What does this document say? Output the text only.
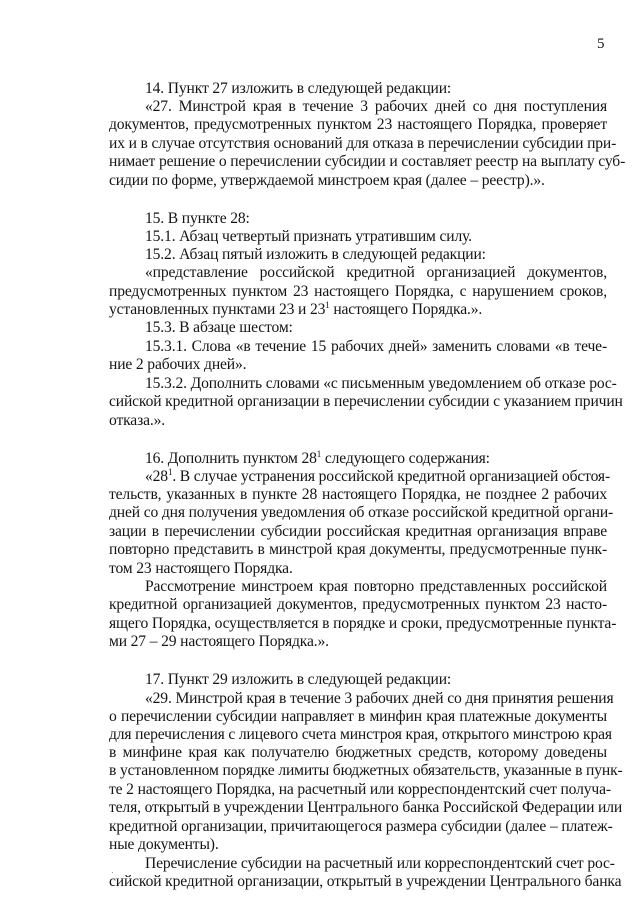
5
14. Пункт 27 изложить в следующей редакции:
«27. Минстрой края в течение 3 рабочих дней со дня поступления
документов, предусмотренных пунктом 23 настоящего Порядка, проверяет
их и в случае отсутствия оснований для отказа в перечислении субсидии при-
нимает решение о перечислении субсидии и составляет реестр на выплату суб-
сидии по форме, утверждаемой минстроем края (далее – реестр).».
15. В пункте 28:
15.1. Абзац четвертый признать утратившим силу.
15.2. Абзац пятый изложить в следующей редакции:
«представление российской кредитной организацией документов,
предусмотренных пунктом 23 настоящего Порядка, с нарушением сроков,
установленных пунктами 23 и $23^1$ настоящего Порядка.».
15.3. В абзаце шестом:
15.3.1. Слова «в течение 15 рабочих дней» заменить словами «в тече-
ние 2 рабочих дней».
15.3.2. Дополнить словами «с письменным уведомлением об отказе рос-
сийской кредитной организации в перечислении субсидии с указанием причин
отказа.».
16. Дополнить пунктом $28^1$ следующего содержания:
«$28^1$. В случае устранения российской кредитной организацией обстоя-
тельств, указанных в пункте 28 настоящего Порядка, не позднее 2 рабочих
дней со дня получения уведомления об отказе российской кредитной органи-
зации в перечислении субсидии российская кредитная организация вправе
повторно представить в минстрой края документы, предусмотренные пунк-
том 23 настоящего Порядка.
Рассмотрение минстроем края повторно представленных российской
кредитной организацией документов, предусмотренных пунктом 23 насто-
ящего Порядка, осуществляется в порядке и сроки, предусмотренные пункта-
ми 27 – 29 настоящего Порядка.».
17. Пункт 29 изложить в следующей редакции:
«29. Минстрой края в течение 3 рабочих дней со дня принятия решения
о перечислении субсидии направляет в минфин края платежные документы
для перечисления с лицевого счета минстроя края, открытого минстрою края
в минфине края как получателю бюджетных средств, которому доведены
в установленном порядке лимиты бюджетных обязательств, указанные в пунк-
те 2 настоящего Порядка, на расчетный или корреспондентский счет получа-
теля, открытый в учреждении Центрального банка Российской Федерации или
кредитной организации, причитающегося размера субсидии (далее – платеж-
ные документы).
Перечисление субсидии на расчетный или корреспондентский счет рос-
сийской кредитной организации, открытый в учреждении Центрального банка
